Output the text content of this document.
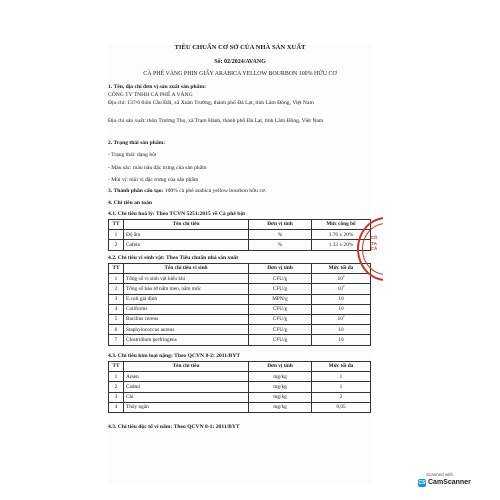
TIÊU CHUẨN CƠ SỞ CỦA NHÀ SẢN XUẤT
Số: 02/2024/AVANG
CÀ PHÊ VÀNG PHIN GIẤY ARABICA YELLOW BOURBON 100% HỮU CƠ
1. Tên, địa chỉ đơn vị sản xuất sản phẩm:
CÔNG TY TNHH CÀ PHÊ A VÀNG
Địa chỉ: 137/6 thôn Cầu Đất, xã Xuân Trường, thành phố Đà Lạt, tỉnh Lâm Đồng, Việt Nam
Địa chỉ sản xuất: thôn Trường Thọ, xã Trạm Hành, thành phố Đà Lạt, tỉnh Lâm Đồng, Việt Nam
2. Trạng thái sản phẩm:
- Trạng thái: dạng bột
- Màu sắc: màu nâu đặc trưng của sản phẩm
- Mùi vị: mùi vị đặc trưng của sản phẩm
3. Thành phần cấu tạo: 100% cà phê arabica yellow bourbon hữu cơ.
4. Chỉ tiêu an toàn
4.1. Chỉ tiêu hoá lý: Theo TCVN 5251:2015 về Cà phê bột
TT	Tên chỉ tiêu	Đơn vị tính	Mức công bố
1	Độ ẩm	%	1.76 ± 20%
2	Cafein	%	1.33 ± 20%
4.2. Chỉ tiêu vi sinh vật: Theo Tiêu chuẩn nhà sản xuất
TT	Tên chỉ tiêu vi sinh	Đơn vị tính	Mức tối đa
1	Tổng số vi sinh vật hiếu khí	CFU/g	$10^4$
2	Tổng số bào tử nấm men, nấm mốc	CFU/g	$10^2$
3	E.coli giả định	MPN/g	10
4	Coliforms	CFU/g	10
5	Bacillus cereus	CFU/g	$10^2$
6	Staphylococcus aureus	CFU/g	10
7	Clostridium perfringens	CFU/g	10
4.3. Chỉ tiêu kim loại nặng: Theo QCVN 8-2: 2011/BYT
TT	Tên chỉ tiêu	Đơn vị tính	Mức tối đa
1	Arsen	mg/kg	1
2	Cadmi	mg/kg	1
3	Chì	mg/kg	2
4	Thủy ngân	mg/kg	0,05
4.3. Chỉ tiêu độc tố vi nấm: Theo QCVN 8-1: 2011/BYT
CÔ TA CÀ
Scanned with
CS CamScanner
